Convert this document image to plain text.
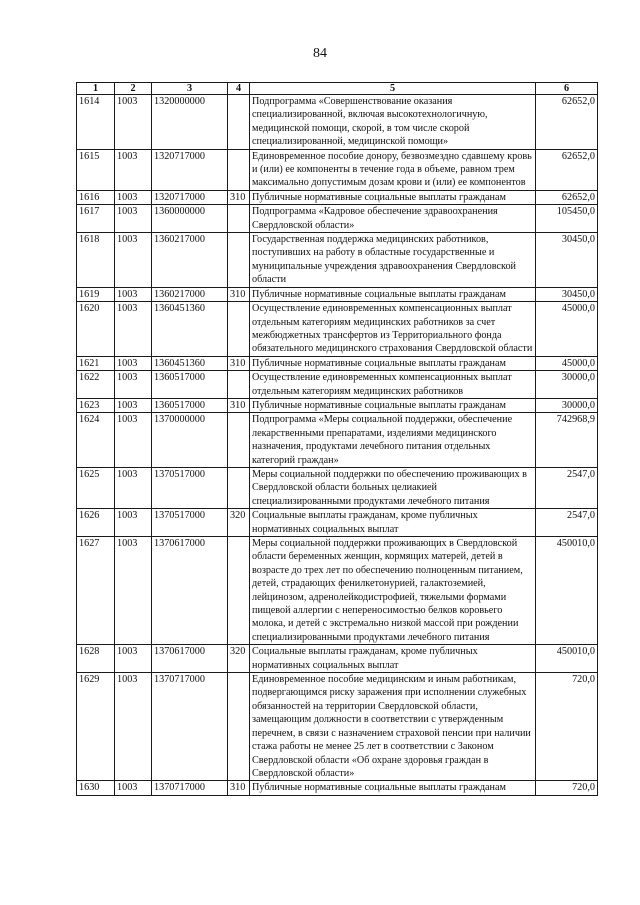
84
1	2	3	4	5	6
1614	1003	1320000000		Подпрограмма «Совершенствование оказания специализированной, включая высокотехнологичную, медицинской помощи, скорой, в том числе скорой специализированной, медицинской помощи»	62652,0
1615	1003	1320717000		Единовременное пособие донору, безвозмездно сдавшему кровь и (или) ее компоненты в течение года в объеме, равном трем максимально допустимым дозам крови и (или) ее компонентов	62652,0
1616	1003	1320717000	310	Публичные нормативные социальные выплаты гражданам	62652,0
1617	1003	1360000000		Подпрограмма «Кадровое обеспечение здравоохранения Свердловской области»	105450,0
1618	1003	1360217000		Государственная поддержка медицинских работников, поступивших на работу в областные государственные и муниципальные учреждения здравоохранения Свердловской области	30450,0
1619	1003	1360217000	310	Публичные нормативные социальные выплаты гражданам	30450,0
1620	1003	1360451360		Осуществление единовременных компенсационных выплат отдельным категориям медицинских работников за счет межбюджетных трансфертов из Территориального фонда обязательного медицинского страхования Свердловской области	45000,0
1621	1003	1360451360	310	Публичные нормативные социальные выплаты гражданам	45000,0
1622	1003	1360517000		Осуществление единовременных компенсационных выплат отдельным категориям медицинских работников	30000,0
1623	1003	1360517000	310	Публичные нормативные социальные выплаты гражданам	30000,0
1624	1003	1370000000		Подпрограмма «Меры социальной поддержки, обеспечение лекарственными препаратами, изделиями медицинского назначения, продуктами лечебного питания отдельных категорий граждан»	742968,9
1625	1003	1370517000		Меры социальной поддержки по обеспечению проживающих в Свердловской области больных целиакией специализированными продуктами лечебного питания	2547,0
1626	1003	1370517000	320	Социальные выплаты гражданам, кроме публичных нормативных социальных выплат	2547,0
1627	1003	1370617000		Меры социальной поддержки проживающих в Свердловской области беременных женщин, кормящих матерей, детей в возрасте до трех лет по обеспечению полноценным питанием, детей, страдающих фенилкетонурией, галактоземией, лейцинозом, адренолейкодистрофией, тяжелыми формами пищевой аллергии с непереносимостью белков коровьего молока, и детей с экстремально низкой массой при рождении специализированными продуктами лечебного питания	450010,0
1628	1003	1370617000	320	Социальные выплаты гражданам, кроме публичных нормативных социальных выплат	450010,0
1629	1003	1370717000		Единовременное пособие медицинским и иным работникам, подвергающимся риску заражения при исполнении служебных обязанностей на территории Свердловской области, замещающим должности в соответствии с утвержденным перечнем, в связи с назначением страховой пенсии при наличии стажа работы не менее 25 лет в соответствии с Законом Свердловской области «Об охране здоровья граждан в Свердловской области»	720,0
1630	1003	1370717000	310	Публичные нормативные социальные выплаты гражданам	720,0
